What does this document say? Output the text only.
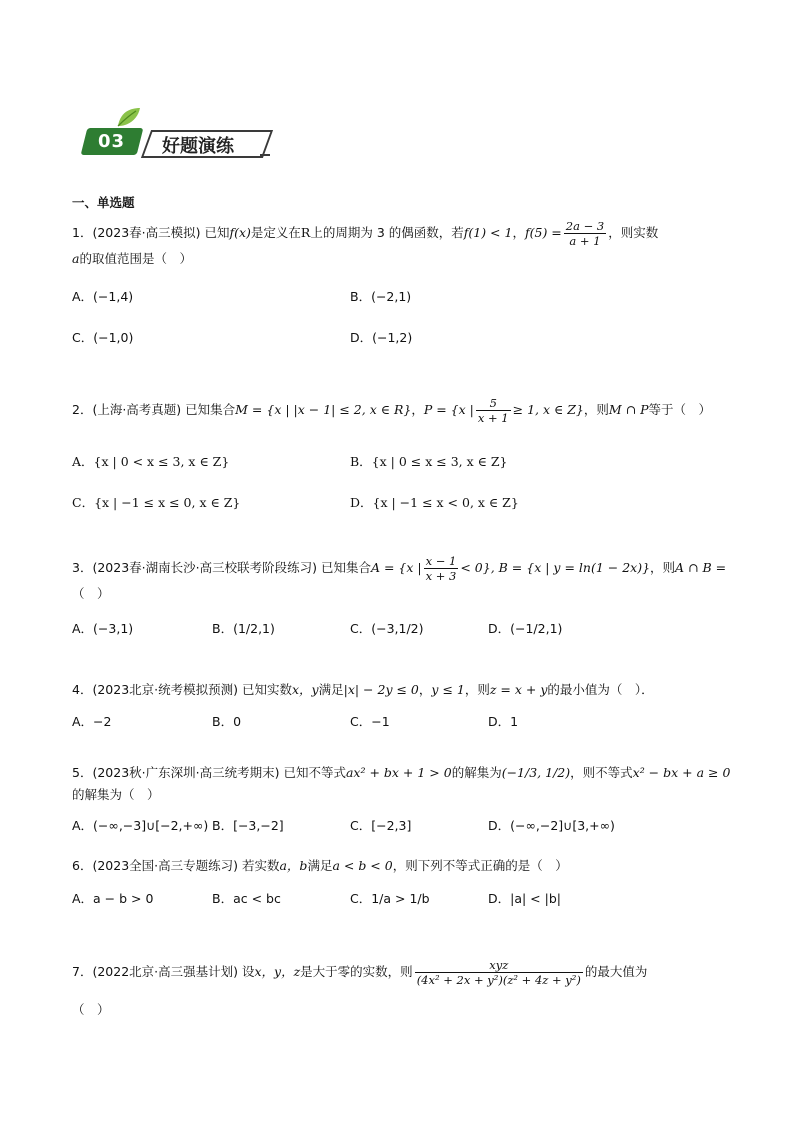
03 好题演练
一、单选题
1．(2023春·高三模拟) 已知f(x)是定义在R上的周期为 3 的偶函数，若f(1) < 1，$f(5) = \frac{2a - 3}{a + 1}$ ，则实数
a的取值范围是（　）
A．(−1,4)	B．(−2,1)
C．(−1,0)	D．(−1,2)
2．(上海·高考真题) 已知集合M = {x | |x − 1| ≤ 2, x ∈ R}，P = {x | $\frac{5}{x + 1} \ge 1$, x ∈ Z}，则M ∩ P等于（　）
A．{x | 0 < x ≤ 3, x ∈ Z}	B．{x | 0 ≤ x ≤ 3, x ∈ Z}
C．{x | −1 ≤ x ≤ 0, x ∈ Z}	D．{x | −1 ≤ x < 0, x ∈ Z}
3．(2023春·湖南长沙·高三校联考阶段练习) 已知集合A = {x | $\frac{x - 1}{x + 3} < 0$}, B = {x | y = ln(1 − 2x)}，则A ∩ B =
（　）
A．(−3,1)	B．(1/2,1)	C．(−3,1/2)	D．(−1/2,1)
4．(2023北京·统考模拟预测) 已知实数x，y满足|x| − 2y ≤ 0，y ≤ 1，则z = x + y的最小值为（　）．
A．−2	B．0	C．−1	D．1
5．(2023秋·广东深圳·高三统考期末) 已知不等式ax² + bx + 1 > 0的解集为(−1/3, 1/2)，则不等式x² − bx + a ≥ 0
的解集为（　）
A．(−∞,−3]∪[−2,+∞) B．[−3,−2]	C．[−2,3]	D．(−∞,−2]∪[3,+∞)
6．(2023全国·高三专题练习) 若实数a，b满足a < b < 0，则下列不等式正确的是（　）
A．a − b > 0	B．ac < bc	C．1/a > 1/b	D．|a| < |b|
7．(2022北京·高三强基计划) 设x，y，z是大于零的实数，则 $\frac{\text{xyz}}{\text{(4x² + 2x + y²)(z² + 4z + y²)}}$ 的最大值为
（　）
